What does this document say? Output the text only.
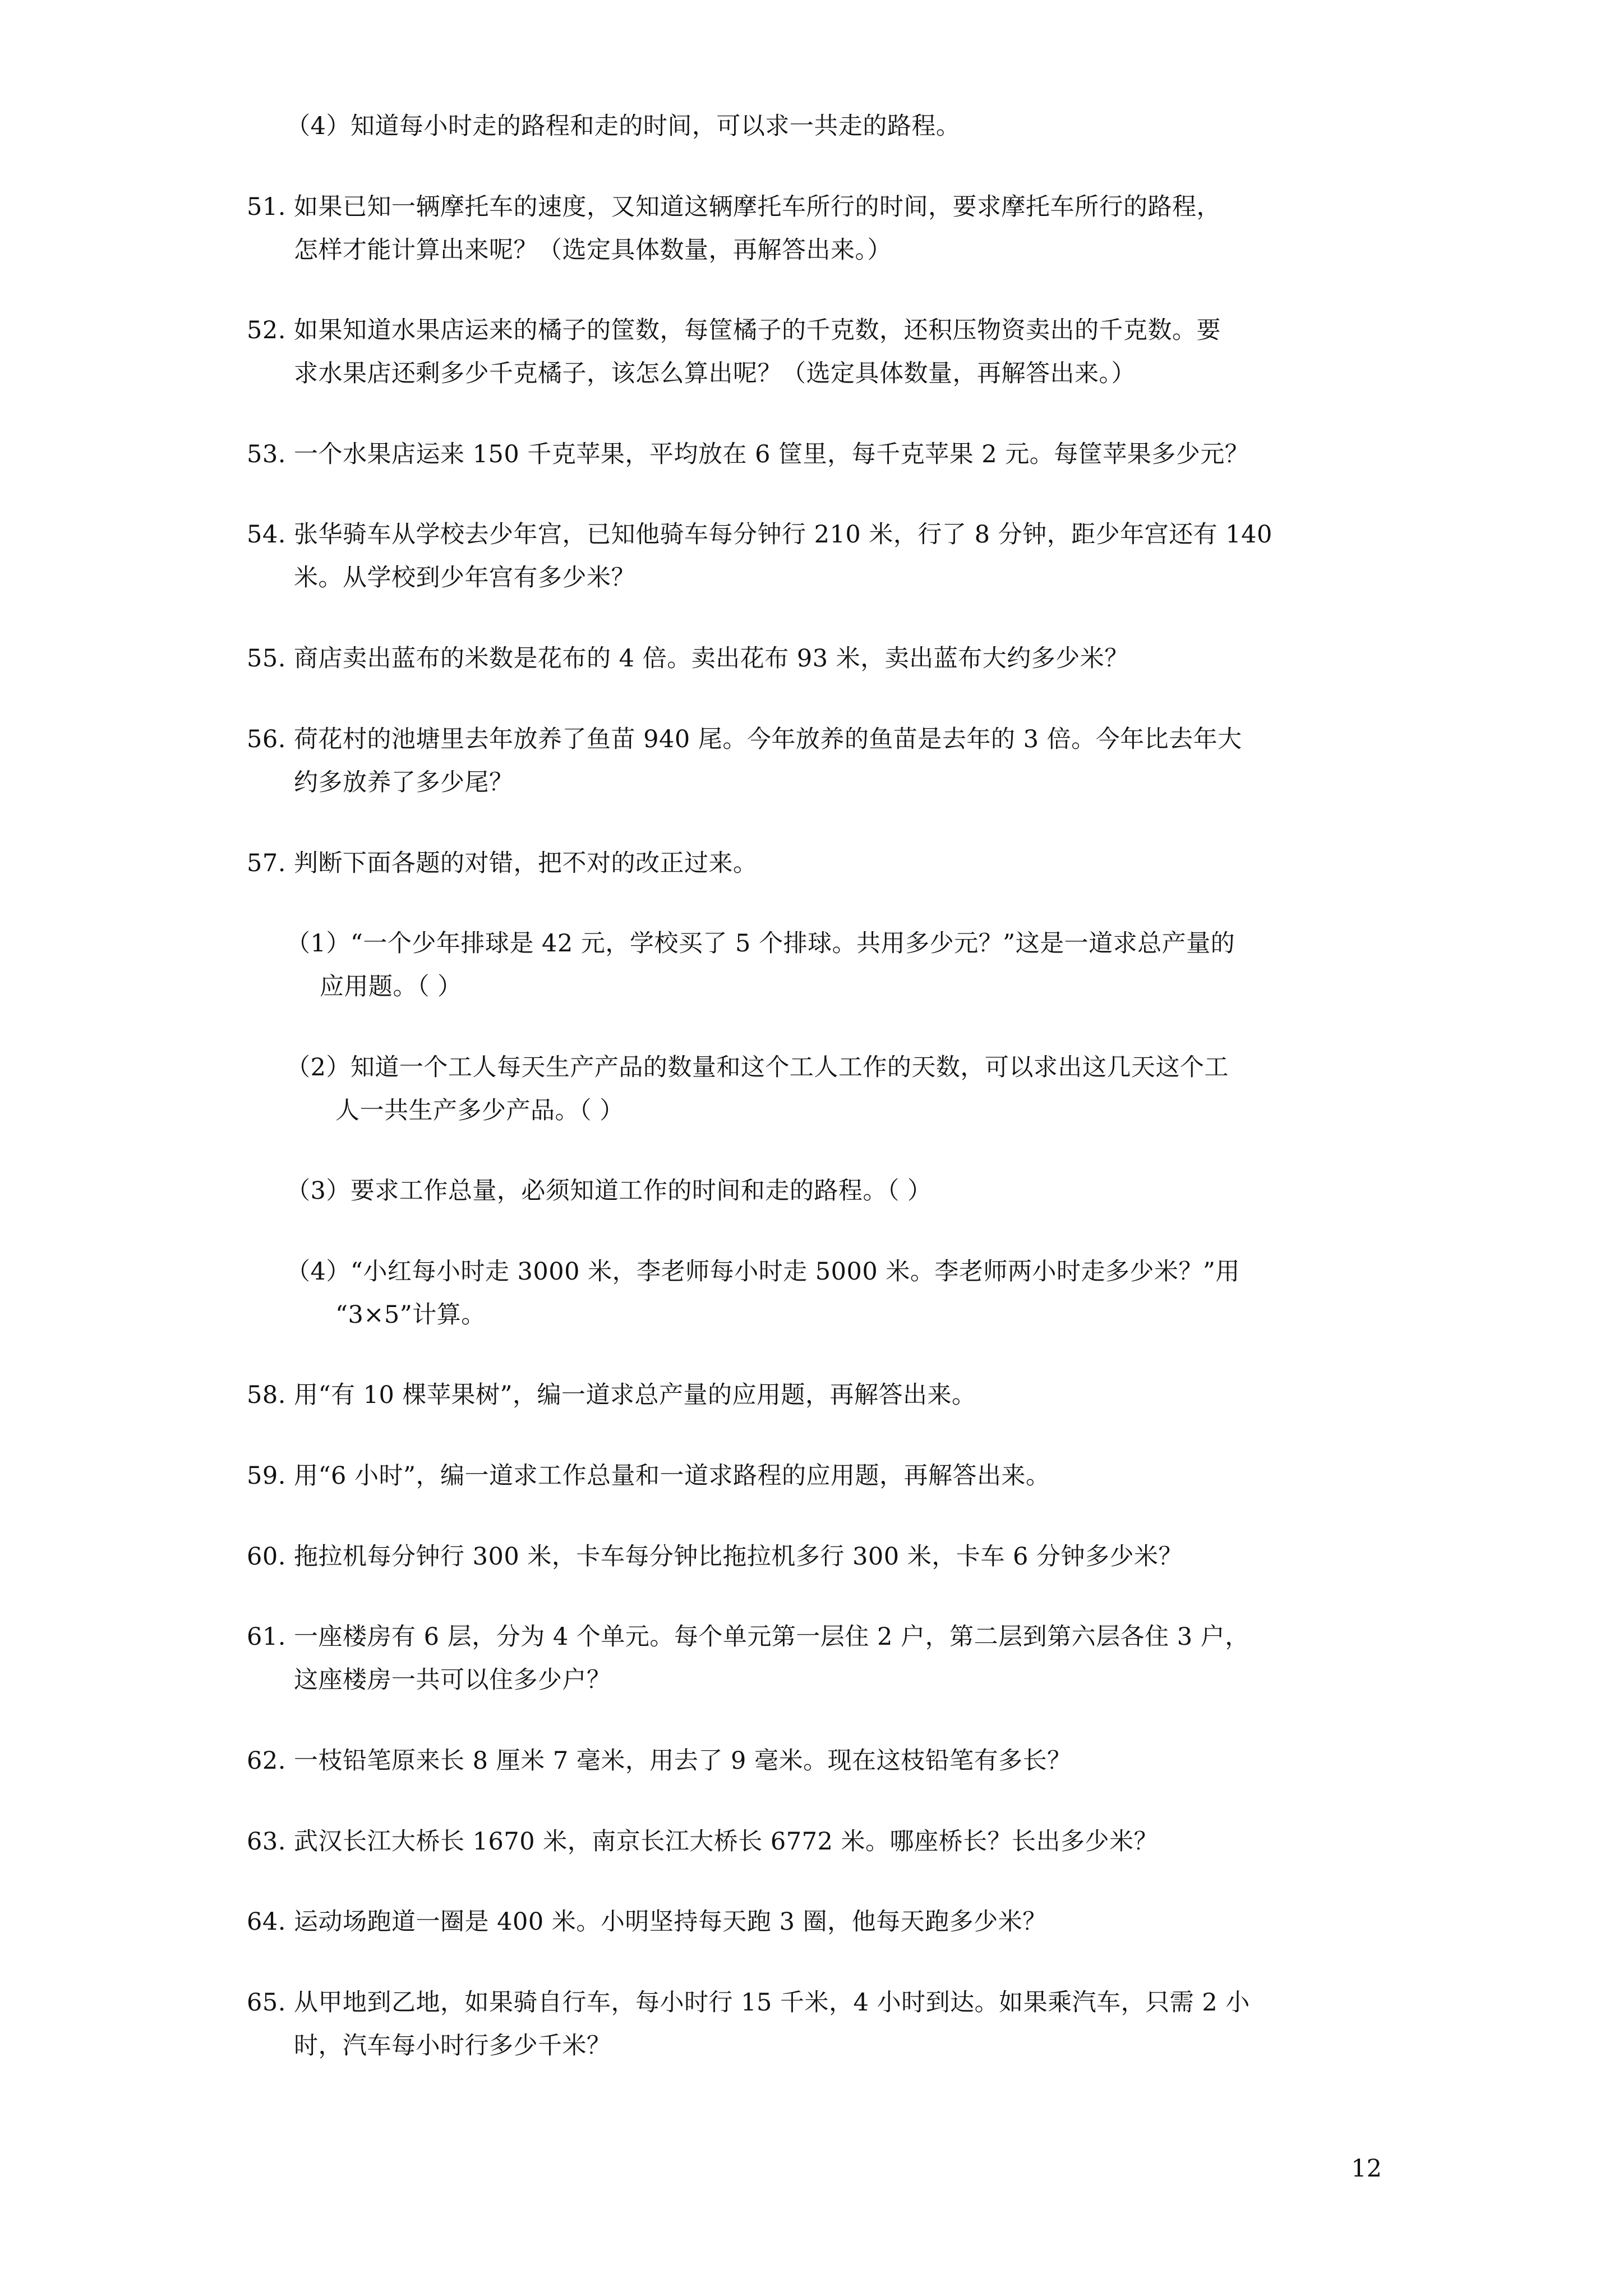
（4）知道每小时走的路程和走的时间，可以求一共走的路程。
51. 如果已知一辆摩托车的速度，又知道这辆摩托车所行的时间，要求摩托车所行的路程，
怎样才能计算出来呢？（选定具体数量，再解答出来。）
52. 如果知道水果店运来的橘子的筐数，每筐橘子的千克数，还积压物资卖出的千克数。要
求水果店还剩多少千克橘子，该怎么算出呢？（选定具体数量，再解答出来。）
53. 一个水果店运来 150 千克苹果，平均放在 6 筐里，每千克苹果 2 元。每筐苹果多少元？
54. 张华骑车从学校去少年宫，已知他骑车每分钟行 210 米，行了 8 分钟，距少年宫还有 140
米。从学校到少年宫有多少米？
55. 商店卖出蓝布的米数是花布的 4 倍。卖出花布 93 米，卖出蓝布大约多少米？
56. 荷花村的池塘里去年放养了鱼苗 940 尾。今年放养的鱼苗是去年的 3 倍。今年比去年大
约多放养了多少尾？
57. 判断下面各题的对错，把不对的改正过来。
（1）“一个少年排球是 42 元，学校买了 5 个排球。共用多少元？”这是一道求总产量的
应用题。（ ）
（2）知道一个工人每天生产产品的数量和这个工人工作的天数，可以求出这几天这个工
人一共生产多少产品。（ ）
（3）要求工作总量，必须知道工作的时间和走的路程。（ ）
（4）“小红每小时走 3000 米，李老师每小时走 5000 米。李老师两小时走多少米？”用
“3×5”计算。
58. 用“有 10 棵苹果树”，编一道求总产量的应用题，再解答出来。
59. 用“6 小时”，编一道求工作总量和一道求路程的应用题，再解答出来。
60. 拖拉机每分钟行 300 米，卡车每分钟比拖拉机多行 300 米，卡车 6 分钟多少米？
61. 一座楼房有 6 层，分为 4 个单元。每个单元第一层住 2 户，第二层到第六层各住 3 户，
这座楼房一共可以住多少户？
62. 一枝铅笔原来长 8 厘米 7 毫米，用去了 9 毫米。现在这枝铅笔有多长？
63. 武汉长江大桥长 1670 米，南京长江大桥长 6772 米。哪座桥长？长出多少米？
64. 运动场跑道一圈是 400 米。小明坚持每天跑 3 圈，他每天跑多少米？
65. 从甲地到乙地，如果骑自行车，每小时行 15 千米，4 小时到达。如果乘汽车，只需 2 小
时，汽车每小时行多少千米？
12
